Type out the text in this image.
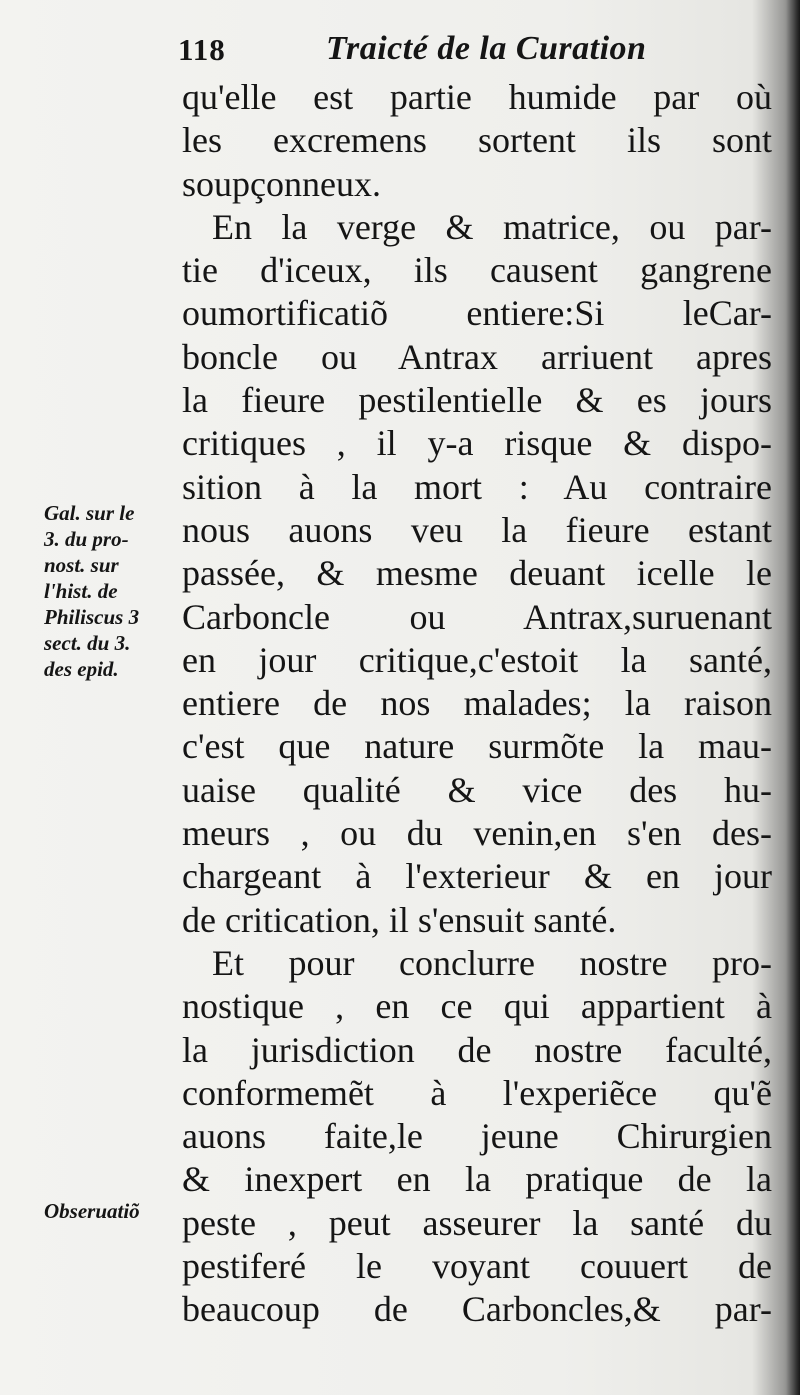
118	Traicté de la Curation
qu'elle est partie humide par où
les excremens sortent ils sont
soupçonneux.
En la verge & matrice, ou par-
tie d'iceux, ils causent gangrene
oumortificatiõ entiere:Si leCar-
boncle ou Antrax arriuent apres
la fieure pestilentielle & es jours
critiques , il y-a risque & dispo-
sition à la mort : Au contraire
nous auons veu la fieure estant
passée, & mesme deuant icelle le
Carboncle ou Antrax,suruenant
en jour critique,c'estoit la santé,
entiere de nos malades; la raison
c'est que nature surmõte la mau-
uaise qualité & vice des hu-
meurs , ou du venin,en s'en des-
chargeant à l'exterieur & en jour
de critication, il s'ensuit santé.
Et pour conclurre nostre pro-
nostique , en ce qui appartient à
la jurisdiction de nostre faculté,
conformemẽt à l'experiẽce qu'ẽ
auons faite,le jeune Chirurgien
& inexpert en la pratique de la
peste , peut asseurer la santé du
pestiferé le voyant couuert de
beaucoup de Carboncles,& par-
Gal. sur le
3. du pro-
nost. sur
l'hist. de
Philiscus 3
sect. du 3.
des epid.
Obseruatiõ
